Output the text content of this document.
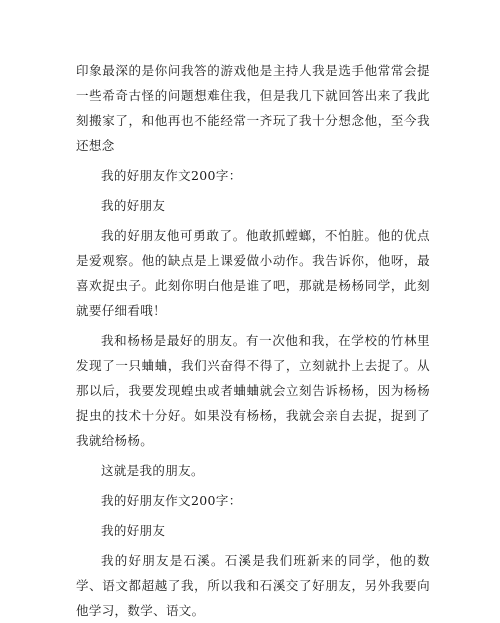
印象最深的是你问我答的游戏他是主持人我是选手他常常会提一些希奇古怪的问题想难住我，但是我几下就回答出来了我此刻搬家了，和他再也不能经常一齐玩了我十分想念他，至今我还想念

我的好朋友作文200字：

我的好朋友

我的好朋友他可勇敢了。他敢抓螳螂，不怕脏。他的优点是爱观察。他的缺点是上课爱做小动作。我告诉你，他呀，最喜欢捉虫子。此刻你明白他是谁了吧，那就是杨杨同学，此刻就要仔细看哦！

我和杨杨是最好的朋友。有一次他和我，在学校的竹林里发现了一只蛐蛐，我们兴奋得不得了，立刻就扑上去捉了。从那以后，我要发现蝗虫或者蛐蛐就会立刻告诉杨杨，因为杨杨捉虫的技术十分好。如果没有杨杨，我就会亲自去捉，捉到了我就给杨杨。

这就是我的朋友。

我的好朋友作文200字：

我的好朋友

我的好朋友是石溪。石溪是我们班新来的同学，他的数学、语文都超越了我，所以我和石溪交了好朋友，另外我要向他学习，数学、语文。
